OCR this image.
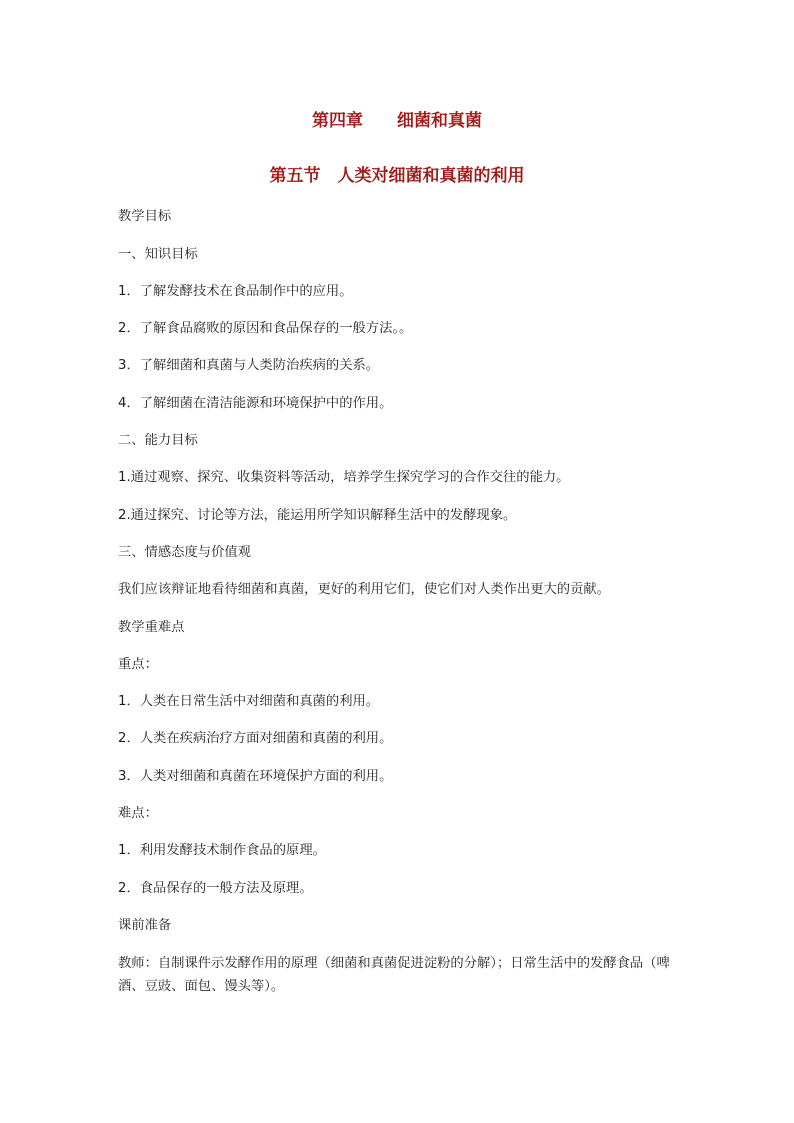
第四章　　细菌和真菌
第五节　人类对细菌和真菌的利用
教学目标
一、知识目标
1．了解发酵技术在食品制作中的应用。
2．了解食品腐败的原因和食品保存的一般方法。。
3．了解细菌和真菌与人类防治疾病的关系。
4．了解细菌在清洁能源和环境保护中的作用。
二、能力目标
1.通过观察、探究、收集资料等活动，培养学生探究学习的合作交往的能力。
2.通过探究、讨论等方法，能运用所学知识解释生活中的发酵现象。
三、情感态度与价值观
我们应该辩证地看待细菌和真菌，更好的利用它们，使它们对人类作出更大的贡献。
教学重难点
重点：
1．人类在日常生活中对细菌和真菌的利用。
2．人类在疾病治疗方面对细菌和真菌的利用。
3．人类对细菌和真菌在环境保护方面的利用。
难点：
1．利用发酵技术制作食品的原理。
2．食品保存的一般方法及原理。
课前准备
教师：自制课件示发酵作用的原理（细菌和真菌促进淀粉的分解）；日常生活中的发酵食品（啤酒、豆豉、面包、馒头等）。
